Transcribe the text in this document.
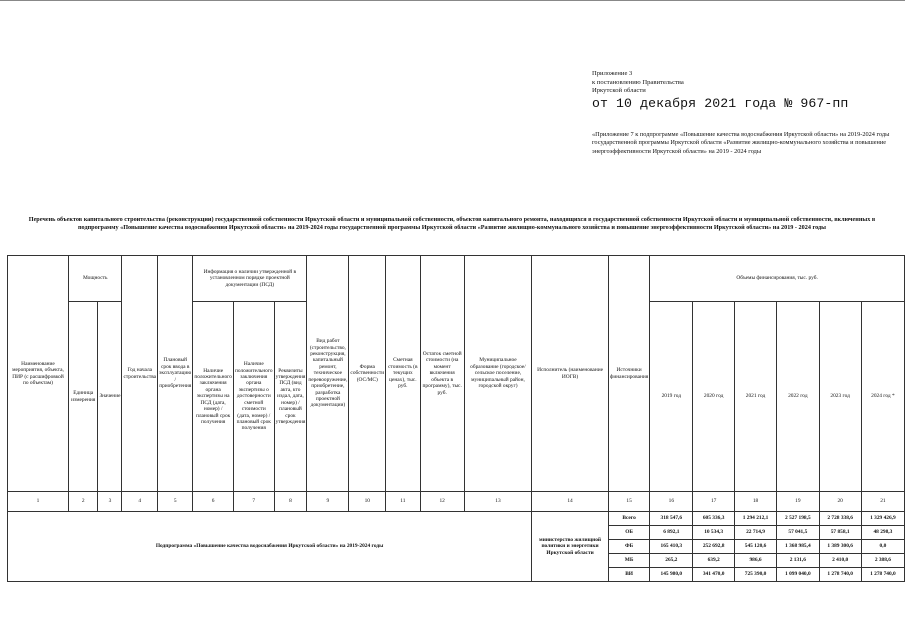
Приложение 3
к постановлению Правительства
Иркутской области
от 10 декабря 2021 года № 967-пп
«Приложение 7 к подпрограмме «Повышение качества водоснабжения Иркутской области» на 2019-2024 годы государственной программы Иркутской области «Развитие жилищно-коммунального хозяйства и повышение энергоэффективности Иркутской области» на 2019 - 2024 годы
Перечень объектов капитального строительства (реконструкции) государственной собственности Иркутской области и муниципальной собственности, объектов капитального ремонта, находящихся в государственной собственности Иркутской области и муниципальной собственности, включенных в подпрограмму «Повышение качества водоснабжения Иркутской области» на 2019-2024 годы государственной программы Иркутской области «Развитие жилищно-коммунального хозяйства и повышение энергоэффективности Иркутской области» на 2019 - 2024 годы
Наименование мероприятия, объекта, ПИР (с расшифровкой по объектам)	Мощность		Год начала строительства	Плановый срок ввода в эксплуатацию / приобретения	Информация о наличии утвержденной в установленном порядке проектной документации (ПСД)			Вид работ (строительство, реконструкция, капитальный ремонт, техническое перевооружение, приобретение, разработка проектной документации)	Форма собственности (ОС/МС)	Сметная стоимость (в текущих ценах), тыс. руб.	Остаток сметной стоимости (на момент включения объекта в программу), тыс. руб.	Муниципальное образование (городское/сельское поселение, муниципальный район, городской округ)	Исполнитель (наименование ИОГВ)	Источники финансирования	Объемы финансирования, тыс. руб.					
	Единица измерения	Значение			Наличие положительного заключения органа экспертизы на ПСД (дата, номер) / плановый срок получения	Наличие положительного заключения органа экспертизы о достоверности сметной стоимости (дата, номер) / плановый срок получения	Реквизиты утверждения ПСД (вид акта, кто издал, дата, номер) / плановый срок утверждения								2019 год	2020 год	2021 год	2022 год	2023 год	2024 год *
1	2	3	4	5	6	7	8	9	10	11	12	13	14	15	16	17	18	19	20	21
Подпрограмма «Повышение качества водоснабжения Иркутской области» на 2019-2024 годы													министерство жилищной политики и энергетики Иркутской области	Всего	318 547,6	605 336,3	1 294 212,1	2 527 198,5	2 728 338,6	1 329 426,9
														ОБ	6 892,1	10 534,3	22 714,9	57 041,5	57 858,1	48 298,3
														ФБ	165 410,3	252 692,8	545 120,6	1 368 985,4	1 389 300,6	0,0
														МБ	265,2	639,2	986,6	2 131,6	2 410,0	2 388,6
														ВИ	145 980,0	341 470,0	725 390,0	1 099 040,0	1 278 740,0	1 278 740,0
